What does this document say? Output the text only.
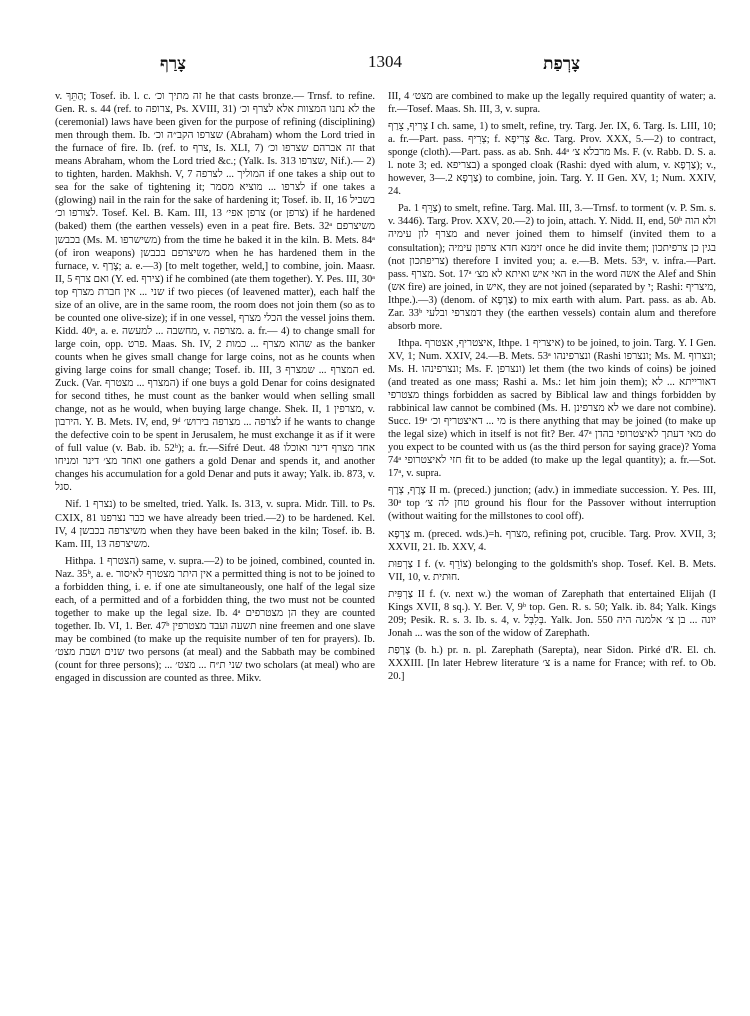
צָרַף	1304	צָרְפַת

v. הַתֵּךְ; Tosef. ib. l. c. זה מתיך וכ׳ he that casts bronze.— Trnsf. to refine. Gen. R. s. 44 (ref. to צרופה, Ps. XVIII, 31) לא נתנו המצוות אלא לצרף וכ׳ the (ceremonial) laws have been given for the purpose of refining (disciplining) men through them. Ib. שצרפו הקב״ה וכ׳ (Abraham) whom the Lord tried in the furnace of fire. Ib. (ref. to צרף, Is. XLI, 7) זה אברהם שצרפו וכ׳ that means Abraham, whom the Lord tried &c.; (Yalk. Is. 313 שצרפו, Nif.).— 2) to tighten, harden. Makhsh. V, 7 המוליך ... לצרפה if one takes a ship out to sea for the sake of tightening it; לצרפו ... מוציא מסמר if one takes a (glowing) nail in the rain for the sake of hardening it; Tosef. ib. II, 16 בשביל לצורפו וכ׳. Tosef. Kel. B. Kam. III, 13 צרפן אפי׳ (or צרפן) if he hardened (baked) them (the earthen vessels) even in a peat fire. Bets. 32ᵃ משיצרפם בכבשן (Ms. M. משישרפו) from the time he baked it in the kiln. B. Mets. 84ᵃ (of iron weapons) משיצרפם בכבשן when he has hardened them in the furnace, v. צָרַף; a. e.—3) [to melt together, weld,] to combine, join. Maasr. II, 5 ואם צרף (Y. ed. צירף) if he combined (ate them together). Y. Pes. III, 30ᵃ top שני ... אין חברת מצרף if two pieces (of leavened matter), each half the size of an olive, are in the same room, the room does not join them (so as to be counted one olive-size); if in one vessel, הכלי מצרף the vessel joins them. Kidd. 40ᵃ, a. e. מחשבה ... למעשה, v. מצרפה. a. fr.— 4) to change small for large coin, opp. פרט. Maas. Sh. IV, 2 שהוא מצרף ... כמות as the banker counts when he gives small change for large coins, not as he counts when giving large coins for small change; Tosef. ib. III, 3 המצרף ... שמצרף ed. Zuck. (Var. המצרף ... מצטרף) if one buys a gold Denar for coins designated for second tithes, he must count as the banker would when selling small change, not as he would, when buying large change. Shek. II, 1 מצרפין, v. הירבון. Y. B. Mets. IV, end, 9ᵈ לצרפה ... מצרפה בירוש׳ if he wants to change the defective coin to be spent in Jerusalem, he must exchange it as if it were of full value (v. Bab. ib. 52ᵇ); a. fr.—Sifré Deut. 48 אחד מצרף דינר ואוכלו ואחד מצ׳ דינר ומניחו one gathers a gold Denar and spends it, and another changes his accumulation for a gold Denar and puts it away; Yalk. ib. 873, v. סגל.

Nif. נצרף 1) to be smelted, tried. Yalk. Is. 313, v. supra. Midr. Till. to Ps. CXIX, 81 כבר נצרפנו we have already been tried.—2) to be hardened. Kel. IV, 4 משיצרפה בכבשן when they have been baked in the kiln; Tosef. ib. B. Kam. III, 13 משיצרפה.

Hithpa. הצטרף 1) same, v. supra.—2) to be joined, combined, counted in. Naz. 35ᵇ, a. e. אין היתר מצטרף לאיסור a permitted thing is not to be joined to a forbidden thing, i. e. if one ate simultaneously, one half of the legal size each, of a permitted and of a forbidden thing, the two must not be counted together to make up the legal size. Ib. 4ᵃ הן מצטרפים they are counted together. Ib. VI, 1. Ber. 47ᵇ תשעה ועבד מצטרפין nine freemen and one slave may be combined (to make up the requisite number of ten for prayers). Ib. שנים ושבת מצט׳ two persons (at meal) and the Sabbath may be combined (count for three persons); ... שני ת״ח ... מצט׳ two scholars (at meal) who are engaged in discussion are counted as three. Mikv.

III, 4 מצט׳ are combined to make up the legally required quantity of water; a. fr.—Tosef. Maas. Sh. III, 3, v. supra.

צְרִיף, צֵרַף I ch. same, 1) to smelt, refine, try. Targ. Jer. IX, 6. Targ. Is. LIII, 10; a. fr.—Part. pass. צְרִיף; f. צְרִיפָא &c. Targ. Prov. XXX, 5.—2) to contract, sponge (cloth).—Part. pass. as ab. Snh. 44ᵃ מרבלא צ׳ Ms. F. (v. Rabb. D. S. a. l. note 3; ed. בצריפא) a sponged cloak (Rashi: dyed with alum, v. צַרְפָא); v., however, צַרְפָא 2.—3) to combine, join. Targ. Y. II Gen. XV, 1; Num. XXIV, 24.

Pa. צַרֵּף 1) to smelt, refine. Targ. Mal. III, 3.—Trnsf. to torment (v. P. Sm. s. v. 3446). Targ. Prov. XXV, 20.—2) to join, attach. Y. Nidd. II, end, 50ᵇ ולא הוה מצרף לון עימיה and never joined them to himself (invited them to a consultation); זימנא חדא צרפון עימיה once he did invite them; בגין כן צרפיתכון (not צריפתכון) therefore I invited you; a. e.—B. Mets. 53ᵃ, v. infra.—Part. pass. מצרף. Sot. 17ᵃ האי איש ואיתא לא מצ׳ in the word אשה the Alef and Shin (אש fire) are joined, in איש, they are not joined (separated by י; Rashi: מיצריף, Ithpe.).—3) (denom. of צַרְפָא) to mix earth with alum. Part. pass. as ab. Ab. Zar. 33ᵇ דמצרפי ובלעי they (the earthen vessels) contain alum and therefore absorb more.

Ithpa. איצטריף, אצטרף, Ithpe. איצריף 1) to be joined, to join. Targ. Y. I Gen. XV, 1; Num. XXIV, 24.—B. Mets. 53ᵃ ונצרפינהו (Rashi ונצרפו; Ms. M. ונצרוף; Ms. H. ונצרפינהו; Ms. F. ונצרפן) let them (the two kinds of coins) be joined (and treated as one mass; Rashi a. Ms.: let him join them); דאורייתא ... לא מצטרפי things forbidden as sacred by Biblical law and things forbidden by rabbinical law cannot be combined (Ms. H. לא מצרפינן we dare not combine). Succ. 19ᵃ מי ... דאיצטריף וכ׳ is there anything that may be joined (to make up the legal size) which in itself is not fit? Ber. 47ᵃ מאי דעתך לאיצטרופי בהדן do you expect to be counted with us (as the third person for saying grace)? Yoma 74ᵃ חזי לאיצטרופי fit to be added (to make up the legal quantity); a. fr.—Sot. 17ᵃ, v. supra.

צֶרֶף, צְרָף II m. (preced.) junction; (adv.) in immediate succession. Y. Pes. III, 30ᵃ top טחן לה צ׳ ground his flour for the Passover without interruption (without waiting for the millstones to cool off).

צַרְפָא m. (preced. wds.)=h. מצרף, refining pot, crucible. Targ. Prov. XVII, 3; XXVII, 21. Ib. XXV, 4.

צַרְפוּת I f. (v. צוֹרֵף) belonging to the goldsmith's shop. Tosef. Kel. B. Mets. VII, 10, v. חוּתית.

צַרְפִּית II f. (v. next w.) the woman of Zarephath that entertained Elijah (I Kings XVII, 8 sq.). Y. Ber. V, 9ᵇ top. Gen. R. s. 50; Yalk. ib. 84; Yalk. Kings 209; Pesik. R. s. 3. Ib. s. 4, v. בְּלִבְּל. Yalk. Jon. 550 יונה ... בן צ׳ אלמנה היה Jonah ... was the son of the widow of Zarephath.

צָרְפַת (b. h.) pr. n. pl. Zarephath (Sarepta), near Sidon. Pirké d'R. El. ch. XXXIII. [In later Hebrew literature צ׳ is a name for France; with ref. to Ob. 20.]
